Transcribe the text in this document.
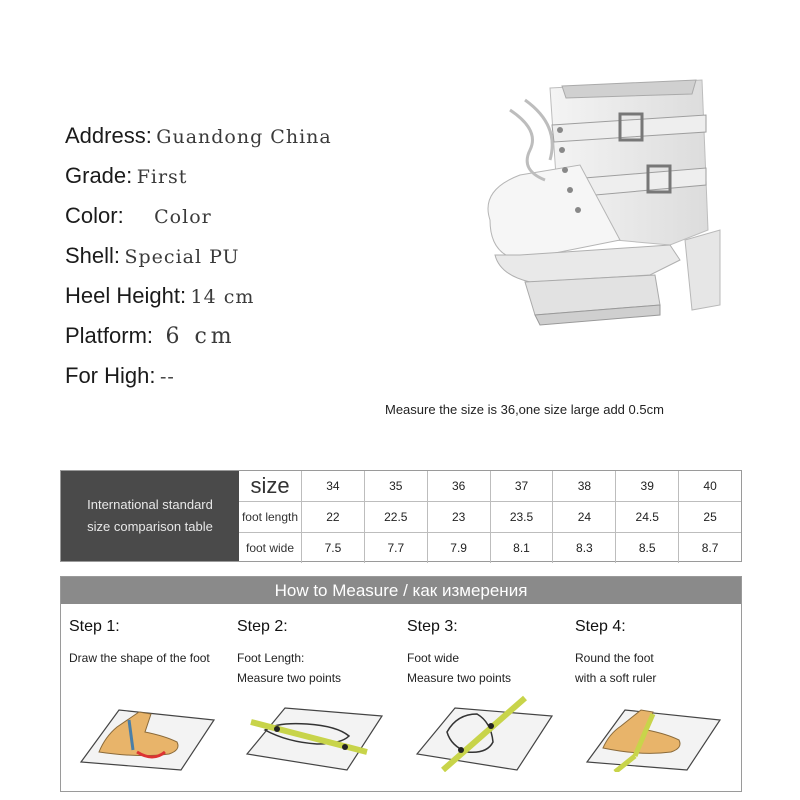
Address: Guandong China
Grade: First
Color: Color
Shell: Special PU
Heel Height: 14 cm
Platform: 6 cm
For High: --
Measure the size is 36,one size large add 0.5cm
International standard
size comparison table
size	34	35	36	37	38	39	40
foot length	22	22.5	23	23.5	24	24.5	25
foot wide	7.5	7.7	7.9	8.1	8.3	8.5	8.7
How to Measure / как измерения
Step 1:
Draw the shape of the foot
Step 2:
Foot Length:
Measure two points
Step 3:
Foot wide
Measure two points
Step 4:
Round the foot
with a soft ruler
